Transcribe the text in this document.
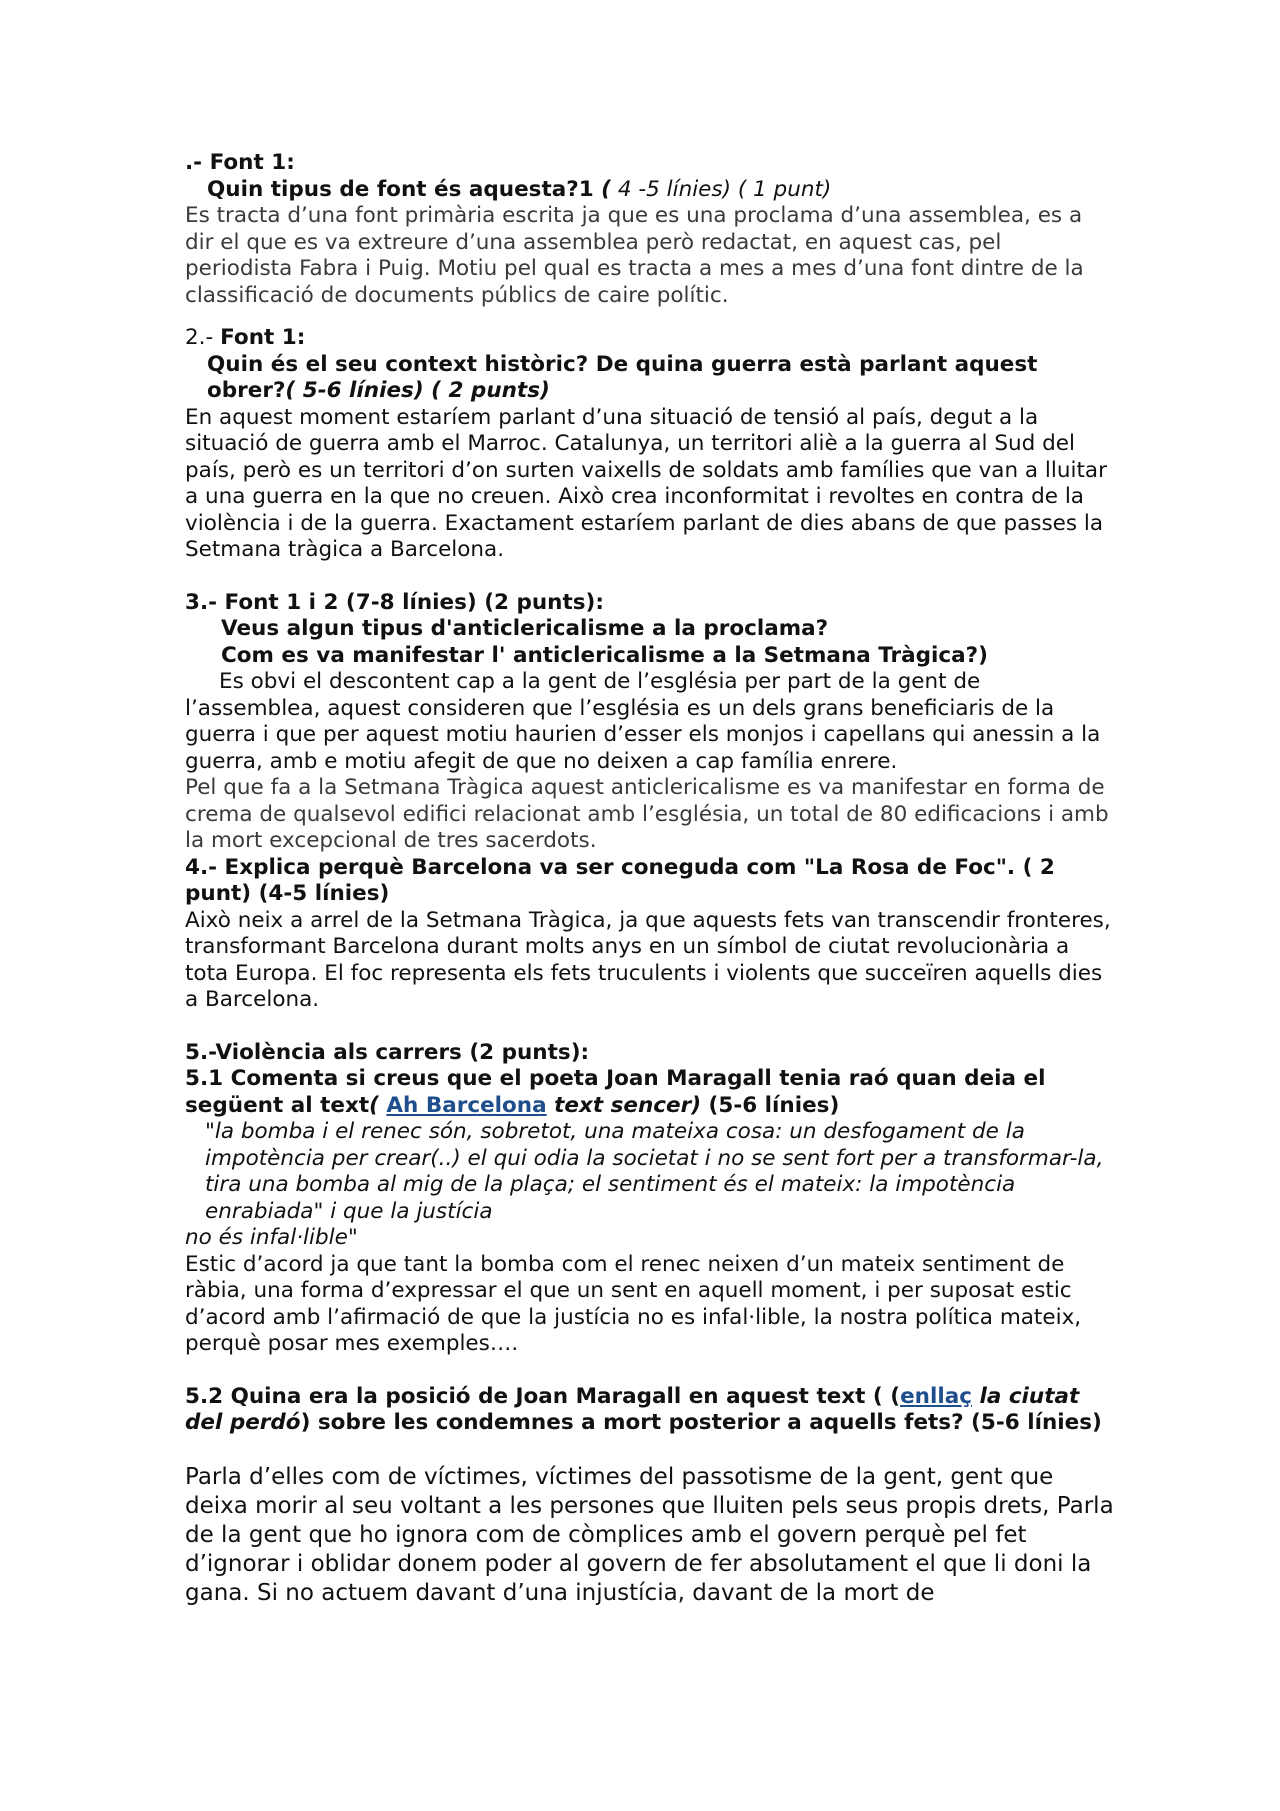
.- Font 1:

Quin tipus de font és aquesta?1 ( 4 -5 línies) ( 1 punt)

Es tracta d’una font primària escrita ja que es una proclama d’una assemblea, es a dir el que es va extreure d’una assemblea però redactat, en aquest cas, pel periodista Fabra i Puig. Motiu pel qual es tracta a mes a mes d’una font dintre de la classificació de documents públics de caire polític.

2.- Font 1:

Quin és el seu context històric? De quina guerra està parlant aquest obrer?( 5-6 línies) ( 2 punts)

En aquest moment estaríem parlant d’una situació de tensió al país, degut a la situació de guerra amb el Marroc. Catalunya, un territori aliè a la guerra al Sud del país, però es un territori d’on surten vaixells de soldats amb famílies que van a lluitar a una guerra en la que no creuen. Això crea inconformitat i revoltes en contra de la violència i de la guerra. Exactament estaríem parlant de dies abans de que passes la Setmana tràgica a Barcelona.

3.- Font 1 i 2 (7-8 línies) (2 punts):

Veus algun tipus d'anticlericalisme a la proclama?

Com es va manifestar l' anticlericalisme a la Setmana Tràgica?)

Es obvi el descontent cap a la gent de l’església per part de la gent de l’assemblea, aquest consideren que l’església es un dels grans beneficiaris de la guerra i que per aquest motiu haurien d’esser els monjos i capellans qui anessin a la guerra, amb e motiu afegit de que no deixen a cap família enrere.

Pel que fa a la Setmana Tràgica aquest anticlericalisme es va manifestar en forma de crema de qualsevol edifici relacionat amb l’església, un total de 80 edificacions i amb la mort excepcional de tres sacerdots.

4.- Explica perquè Barcelona va ser coneguda com "La Rosa de Foc". ( 2 punt) (4-5 línies)

Això neix a arrel de la Setmana Tràgica, ja que aquests fets van transcendir fronteres, transformant Barcelona durant molts anys en un símbol de ciutat revolucionària a tota Europa. El foc representa els fets truculents i violents que succeïren aquells dies a Barcelona.

5.-Violència als carrers (2 punts):

5.1 Comenta si creus que el poeta Joan Maragall tenia raó quan deia el següent al text( Ah Barcelona text sencer) (5-6 línies)

"la bomba i el renec són, sobretot, una mateixa cosa: un desfogament de la impotència per crear(..) el qui odia la societat i no se sent fort per a transformar-la, tira una bomba al mig de la plaça; el sentiment és el mateix: la impotència enrabiada" i que la justícia

no és infal·lible"

Estic d’acord ja que tant la bomba com el renec neixen d’un mateix sentiment de ràbia, una forma d’expressar el que un sent en aquell moment, i per suposat estic d’acord amb l’afirmació de que la justícia no es infal·lible, la nostra política mateix, perquè posar mes exemples….

5.2 Quina era la posició de Joan Maragall en aquest text ( (enllaç la ciutat del perdó) sobre les condemnes a mort posterior a aquells fets? (5-6 línies)

Parla d’elles com de víctimes, víctimes del passotisme de la gent, gent que deixa morir al seu voltant a les persones que lluiten pels seus propis drets, Parla de la gent que ho ignora com de còmplices amb el govern perquè pel fet d’ignorar i oblidar donem poder al govern de fer absolutament el que li doni la gana. Si no actuem davant d’una injustícia, davant de la mort de
